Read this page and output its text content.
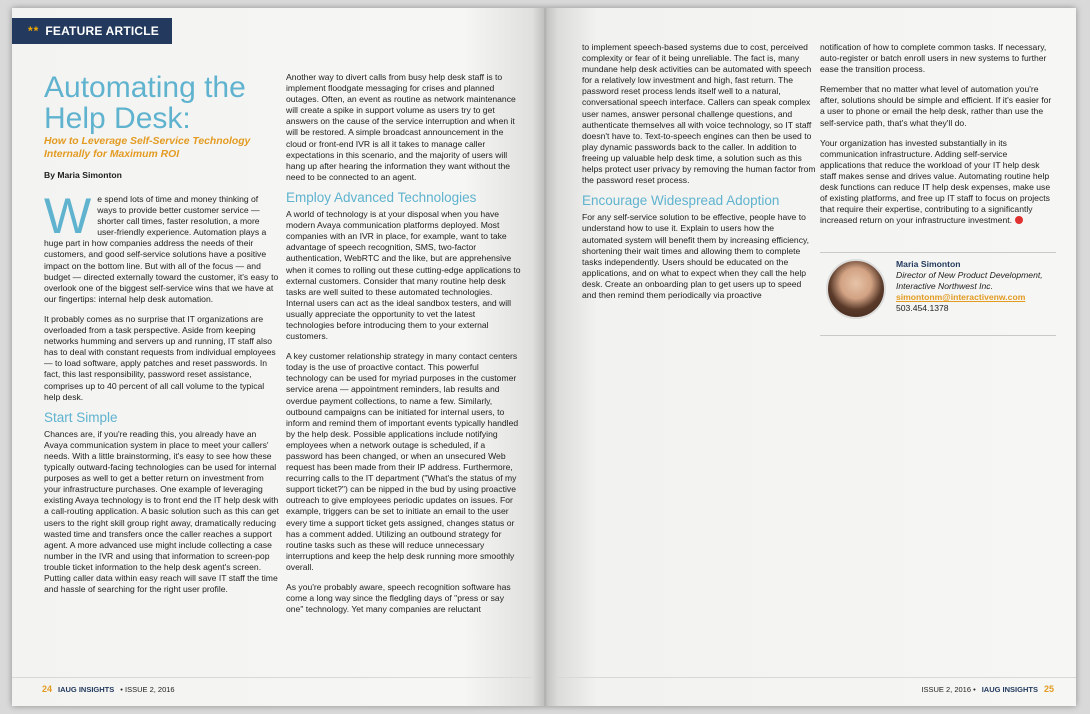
** FEATURE ARTICLE
Automating the
Help Desk:
How to Leverage Self-Service Technology Internally for Maximum ROI
By Maria Simonton

We spend lots of time and money thinking of ways to provide better customer service — shorter call times, faster resolution, a more user-friendly experience. Automation plays a huge part in how companies address the needs of their customers, and good self-service solutions have a positive impact on the bottom line. But with all of the focus — and budget — directed externally toward the customer, it's easy to overlook one of the biggest self-service wins that we have at our fingertips: internal help desk automation.

It probably comes as no surprise that IT organizations are overloaded from a task perspective. Aside from keeping networks humming and servers up and running, IT staff also has to deal with constant requests from individual employees — to load software, apply patches and reset passwords. In fact, this last responsibility, password reset assistance, comprises up to 40 percent of all call volume to the typical help desk.

Start Simple

Chances are, if you're reading this, you already have an Avaya communication system in place to meet your callers' needs. With a little brainstorming, it's easy to see how these typically outward-facing technologies can be used for internal purposes as well to get a better return on investment from your infrastructure purchases. One example of leveraging existing Avaya technology is to front end the IT help desk with a call-routing application. A basic solution such as this can get users to the right skill group right away, dramatically reducing wasted time and transfers once the caller reaches a support agent. A more advanced use might include collecting a case number in the IVR and using that information to screen-pop trouble ticket information to the help desk agent's screen. Putting caller data within easy reach will save IT staff the time and hassle of searching for the right user profile.

Another way to divert calls from busy help desk staff is to implement floodgate messaging for crises and planned outages. Often, an event as routine as network maintenance will create a spike in support volume as users try to get answers on the cause of the service interruption and when it will be restored. A simple broadcast announcement in the cloud or front-end IVR is all it takes to manage caller expectations in this scenario, and the majority of users will hang up after hearing the information they want without the need to be connected to an agent.

Employ Advanced Technologies

A world of technology is at your disposal when you have modern Avaya communication platforms deployed. Most companies with an IVR in place, for example, want to take advantage of speech recognition, SMS, two-factor authentication, WebRTC and the like, but are apprehensive when it comes to rolling out these cutting-edge applications to external customers. Consider that many routine help desk tasks are well suited to these automated technologies. Internal users can act as the ideal sandbox testers, and will usually appreciate the opportunity to vet the latest technologies before introducing them to your external customers.

A key customer relationship strategy in many contact centers today is the use of proactive contact. This powerful technology can be used for myriad purposes in the customer service arena — appointment reminders, lab results and overdue payment collections, to name a few. Similarly, outbound campaigns can be initiated for internal users, to inform and remind them of important events typically handled by the help desk. Possible applications include notifying employees when a network outage is scheduled, if a password has been changed, or when an unsecured Web request has been made from their IP address. Furthermore, recurring calls to the IT department ("What's the status of my support ticket?") can be nipped in the bud by using proactive outreach to give employees periodic updates on issues. For example, triggers can be set to initiate an email to the user every time a support ticket gets assigned, changes status or has a comment added. Utilizing an outbound strategy for routine tasks such as these will reduce unnecessary interruptions and keep the help desk running more smoothly overall.

As you're probably aware, speech recognition software has come a long way since the fledgling days of "press or say one" technology. Yet many companies are reluctant

24 IAUG INSIGHTS • ISSUE 2, 2016

to implement speech-based systems due to cost, perceived complexity or fear of it being unreliable. The fact is, many mundane help desk activities can be automated with speech for a relatively low investment and high, fast return. The password reset process lends itself well to a natural, conversational speech interface. Callers can speak complex user names, answer personal challenge questions, and authenticate themselves all with voice technology, so IT staff doesn't have to. Text-to-speech engines can then be used to play dynamic passwords back to the caller. In addition to freeing up valuable help desk time, a solution such as this helps protect user privacy by removing the human factor from the password reset process.

Encourage Widespread Adoption

For any self-service solution to be effective, people have to understand how to use it. Explain to users how the automated system will benefit them by increasing efficiency, shortening their wait times and allowing them to complete tasks independently. Users should be educated on the applications, and on what to expect when they call the help desk. Create an onboarding plan to get users up to speed and then remind them periodically via proactive

notification of how to complete common tasks. If necessary, auto-register or batch enroll users in new systems to further ease the transition process.

Remember that no matter what level of automation you're after, solutions should be simple and efficient. If it's easier for a user to phone or email the help desk, rather than use the self-service path, that's what they'll do.

Your organization has invested substantially in its communication infrastructure. Adding self-service applications that reduce the workload of your IT help desk staff makes sense and drives value. Automating routine help desk functions can reduce IT help desk expenses, make use of existing platforms, and free up IT staff to focus on projects that require their expertise, contributing to a significantly increased return on your infrastructure investment.

ISSUE 2, 2016 • IAUG INSIGHTS 25
Maria Simonton
Director of New Product Development,
Interactive Northwest Inc.
simontonm@interactivenw.com
503.454.1378
